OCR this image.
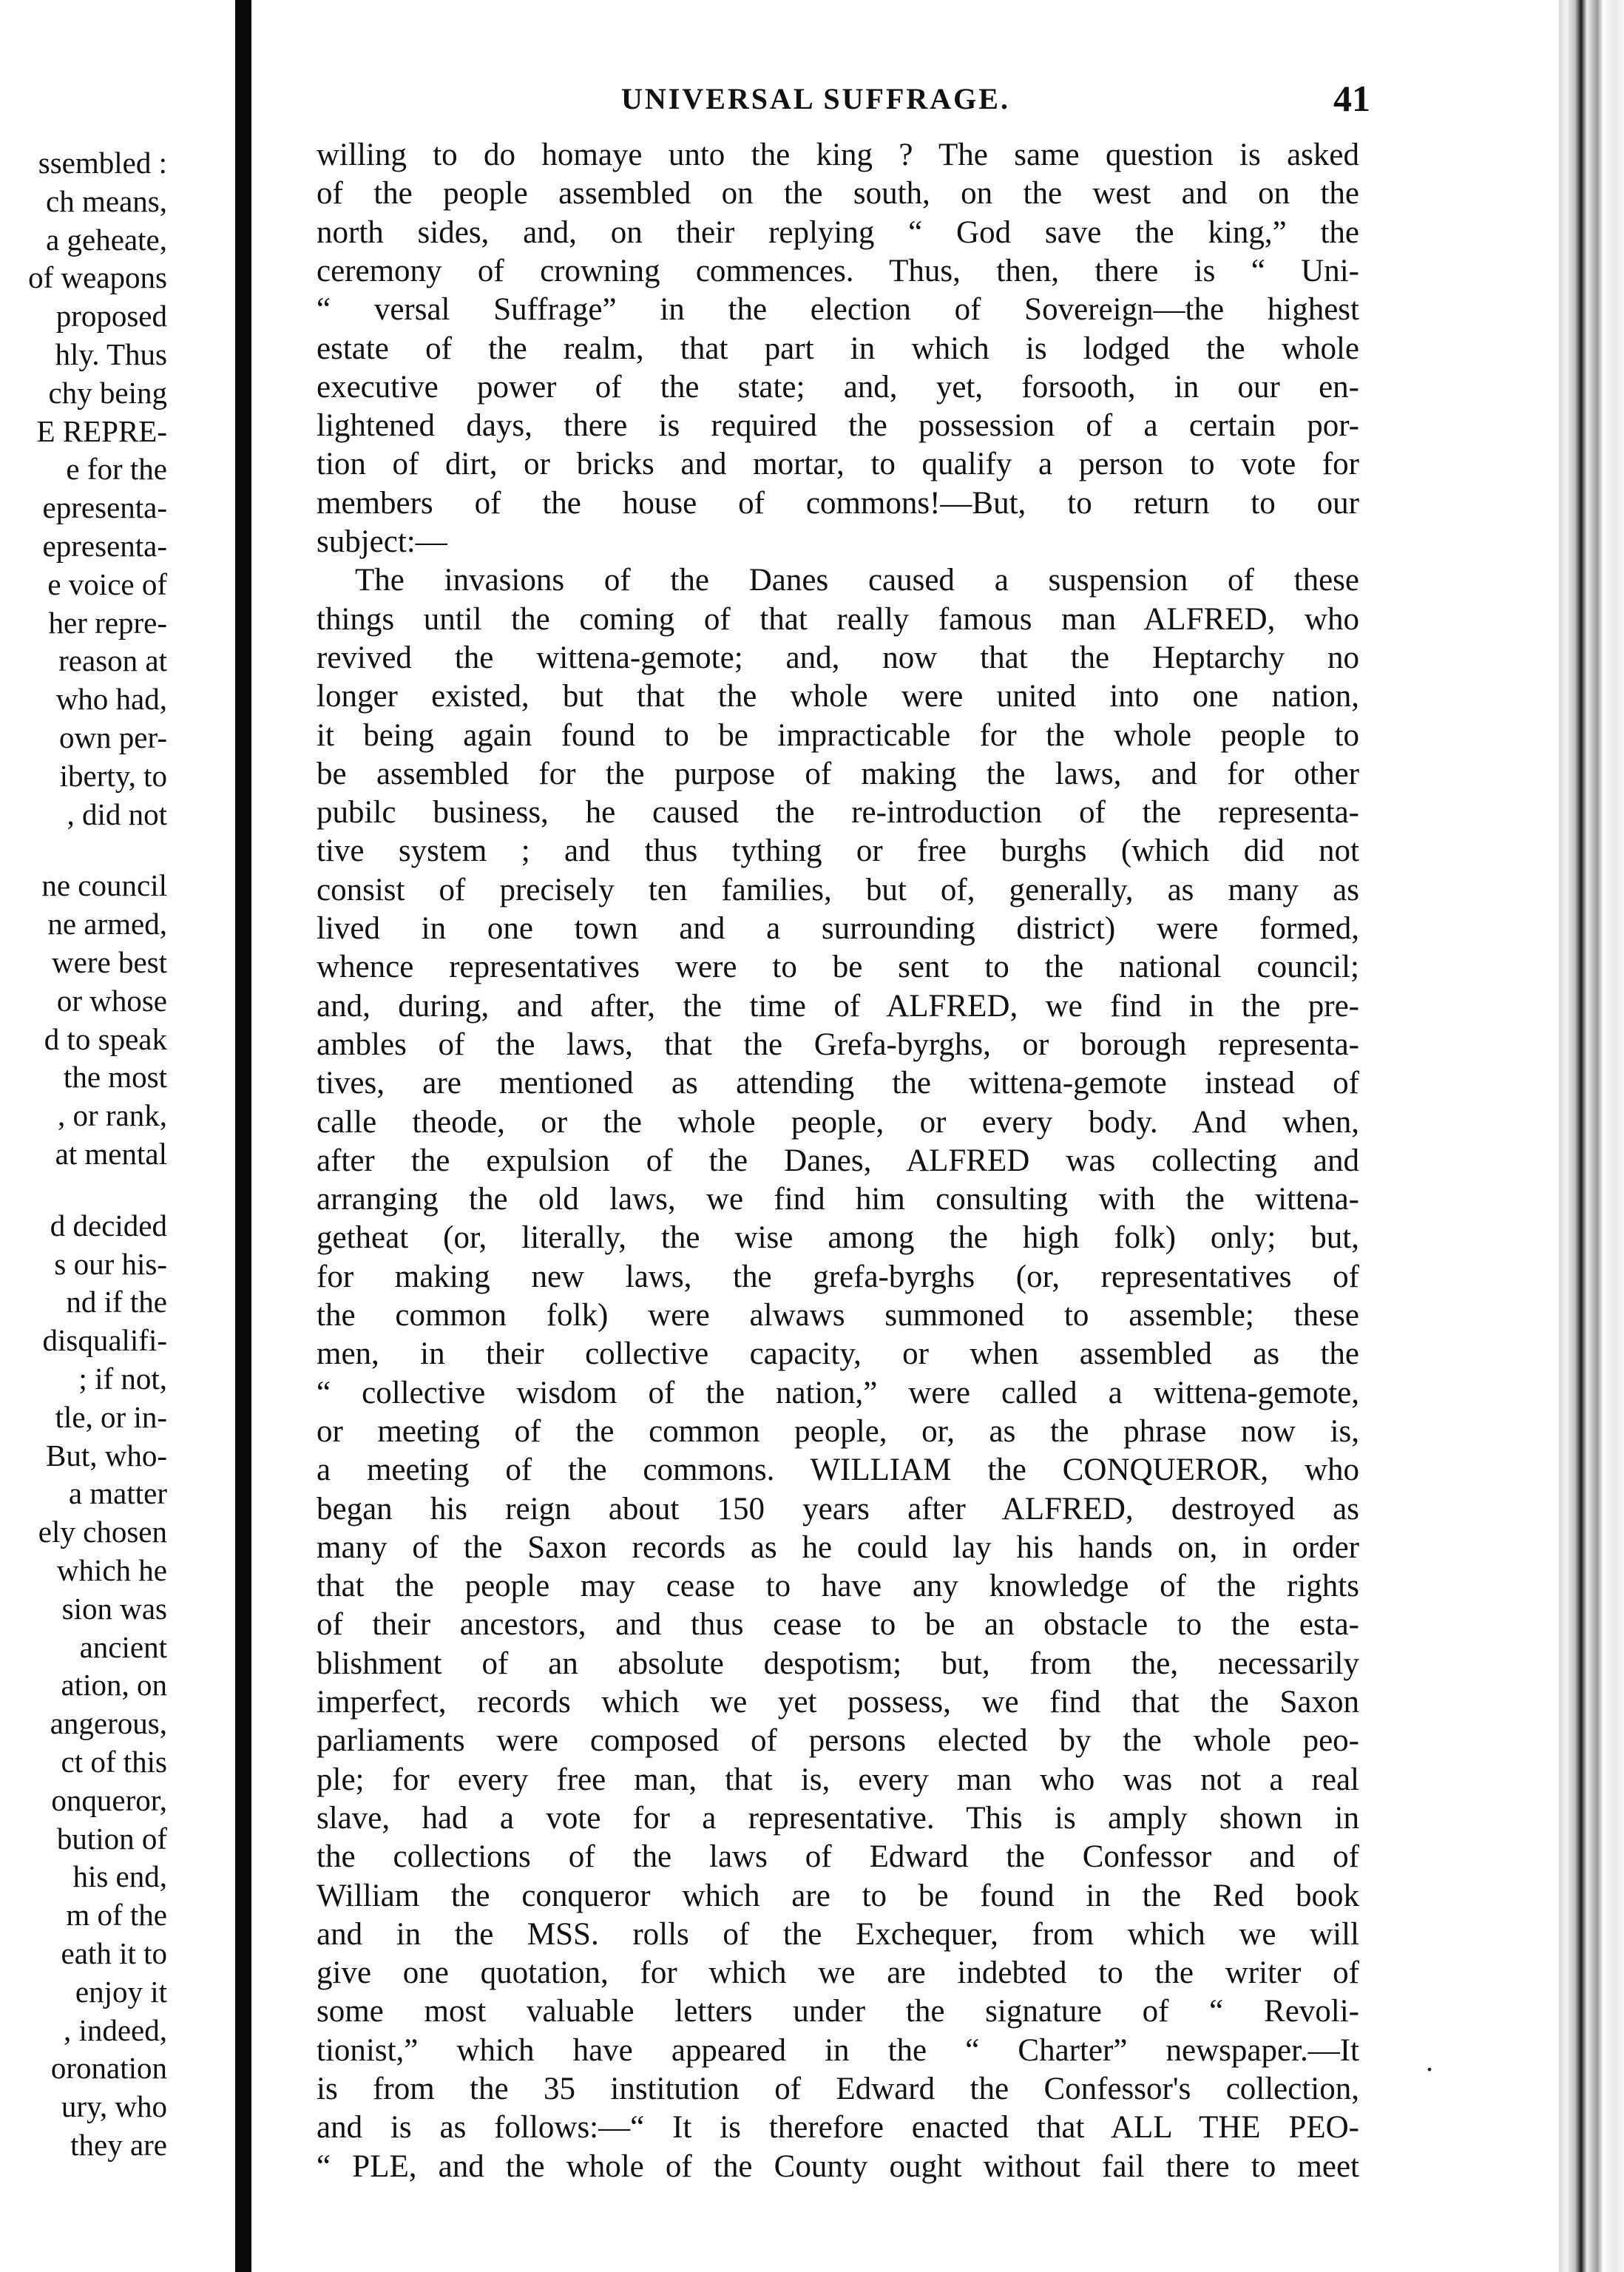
ssembled :
ch means,
a geheate,
of weapons
proposed
hly. Thus
chy being
E REPRE-
e for the
epresenta-
epresenta-
e voice of
her repre-
reason at
who had,
own per-
iberty, to
, did not
ne council
ne armed,
were best
or whose
d to speak
the most
, or rank,
at mental
d decided
s our his-
nd if the
disqualifi-
; if not,
tle, or in-
But, who-
a matter
ely chosen
which he
sion was
ancient
ation, on
angerous,
ct of this
onqueror,
bution of
his end,
m of the
eath it to
enjoy it
, indeed,
oronation
ury, who
they are
UNIVERSAL SUFFRAGE.	41
willing to do homaye unto the king ? The same question is asked
of the people assembled on the south, on the west and on the
north sides, and, on their replying “ God save the king,” the
ceremony of crowning commences. Thus, then, there is “ Uni-
“ versal Suffrage” in the election of Sovereign—the highest
estate of the realm, that part in which is lodged the whole
executive power of the state; and, yet, forsooth, in our en-
lightened days, there is required the possession of a certain por-
tion of dirt, or bricks and mortar, to qualify a person to vote for
members of the house of commons!—But, to return to our
subject:—
The invasions of the Danes caused a suspension of these
things until the coming of that really famous man ALFRED, who
revived the wittena-gemote; and, now that the Heptarchy no
longer existed, but that the whole were united into one nation,
it being again found to be impracticable for the whole people to
be assembled for the purpose of making the laws, and for other
pubilc business, he caused the re-introduction of the representa-
tive system ; and thus tything or free burghs (which did not
consist of precisely ten families, but of, generally, as many as
lived in one town and a surrounding district) were formed,
whence representatives were to be sent to the national council;
and, during, and after, the time of ALFRED, we find in the pre-
ambles of the laws, that the Grefa-byrghs, or borough representa-
tives, are mentioned as attending the wittena-gemote instead of
calle theode, or the whole people, or every body. And when,
after the expulsion of the Danes, ALFRED was collecting and
arranging the old laws, we find him consulting with the wittena-
getheat (or, literally, the wise among the high folk) only; but,
for making new laws, the grefa-byrghs (or, representatives of
the common folk) were alwaws summoned to assemble; these
men, in their collective capacity, or when assembled as the
“ collective wisdom of the nation,” were called a wittena-gemote,
or meeting of the common people, or, as the phrase now is,
a meeting of the commons. WILLIAM the CONQUEROR, who
began his reign about 150 years after ALFRED, destroyed as
many of the Saxon records as he could lay his hands on, in order
that the people may cease to have any knowledge of the rights
of their ancestors, and thus cease to be an obstacle to the esta-
blishment of an absolute despotism; but, from the, necessarily
imperfect, records which we yet possess, we find that the Saxon
parliaments were composed of persons elected by the whole peo-
ple; for every free man, that is, every man who was not a real
slave, had a vote for a representative. This is amply shown in
the collections of the laws of Edward the Confessor and of
William the conqueror which are to be found in the Red book
and in the MSS. rolls of the Exchequer, from which we will
give one quotation, for which we are indebted to the writer of
some most valuable letters under the signature of “ Revoli-
tionist,” which have appeared in the “ Charter” newspaper.—It
is from the 35 institution of Edward the Confessor's collection,
and is as follows:—“ It is therefore enacted that ALL THE PEO-
“ PLE, and the whole of the County ought without fail there to meet
.
